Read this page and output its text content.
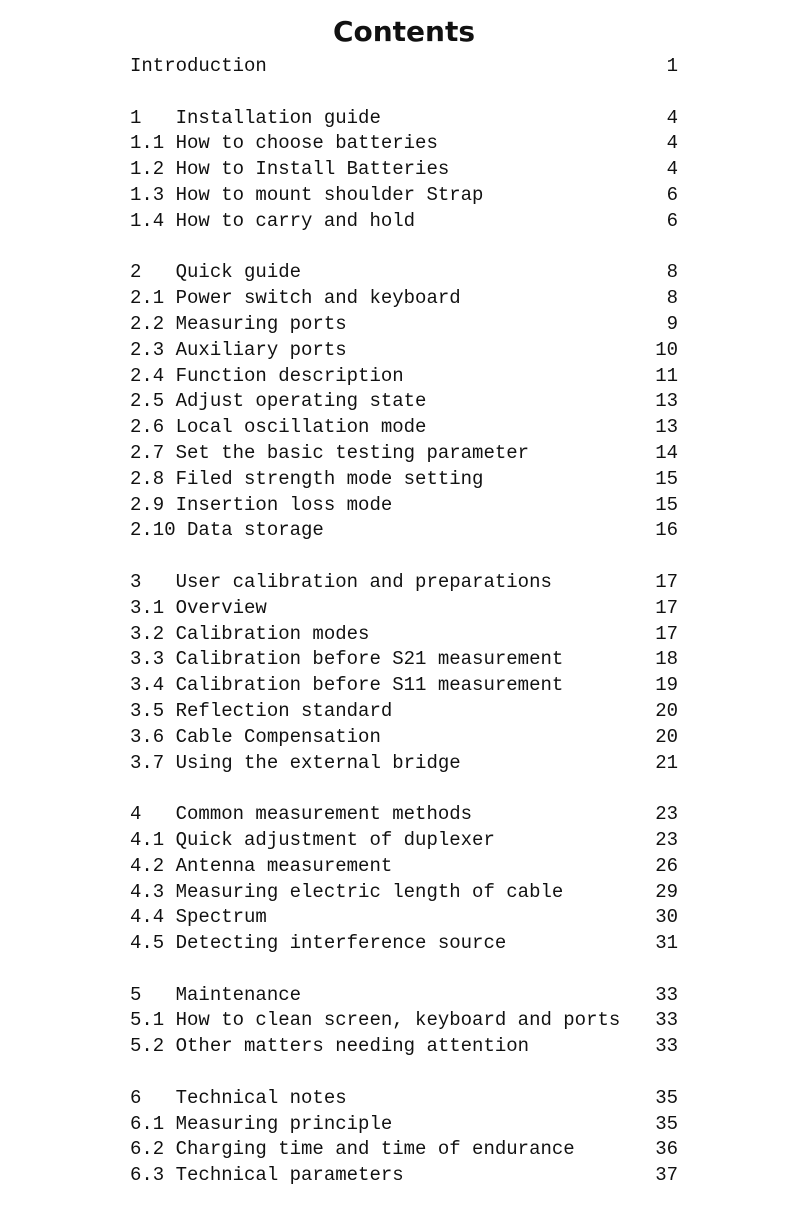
Contents
Introduction	1
1   Installation guide	4
1.1 How to choose batteries	4
1.2 How to Install Batteries	4
1.3 How to mount shoulder Strap	6
1.4 How to carry and hold	6
2   Quick guide	8
2.1 Power switch and keyboard	8
2.2 Measuring ports	9
2.3 Auxiliary ports	10
2.4 Function description	11
2.5 Adjust operating state	13
2.6 Local oscillation mode	13
2.7 Set the basic testing parameter	14
2.8 Filed strength mode setting	15
2.9 Insertion loss mode	15
2.10 Data storage	16
3   User calibration and preparations	17
3.1 Overview	17
3.2 Calibration modes	17
3.3 Calibration before S21 measurement	18
3.4 Calibration before S11 measurement	19
3.5 Reflection standard	20
3.6 Cable Compensation	20
3.7 Using the external bridge	21
4   Common measurement methods	23
4.1 Quick adjustment of duplexer	23
4.2 Antenna measurement	26
4.3 Measuring electric length of cable	29
4.4 Spectrum	30
4.5 Detecting interference source	31
5   Maintenance	33
5.1 How to clean screen, keyboard and ports 33
5.2 Other matters needing attention	33
6   Technical notes	35
6.1 Measuring principle	35
6.2 Charging time and time of endurance	36
6.3 Technical parameters	37
